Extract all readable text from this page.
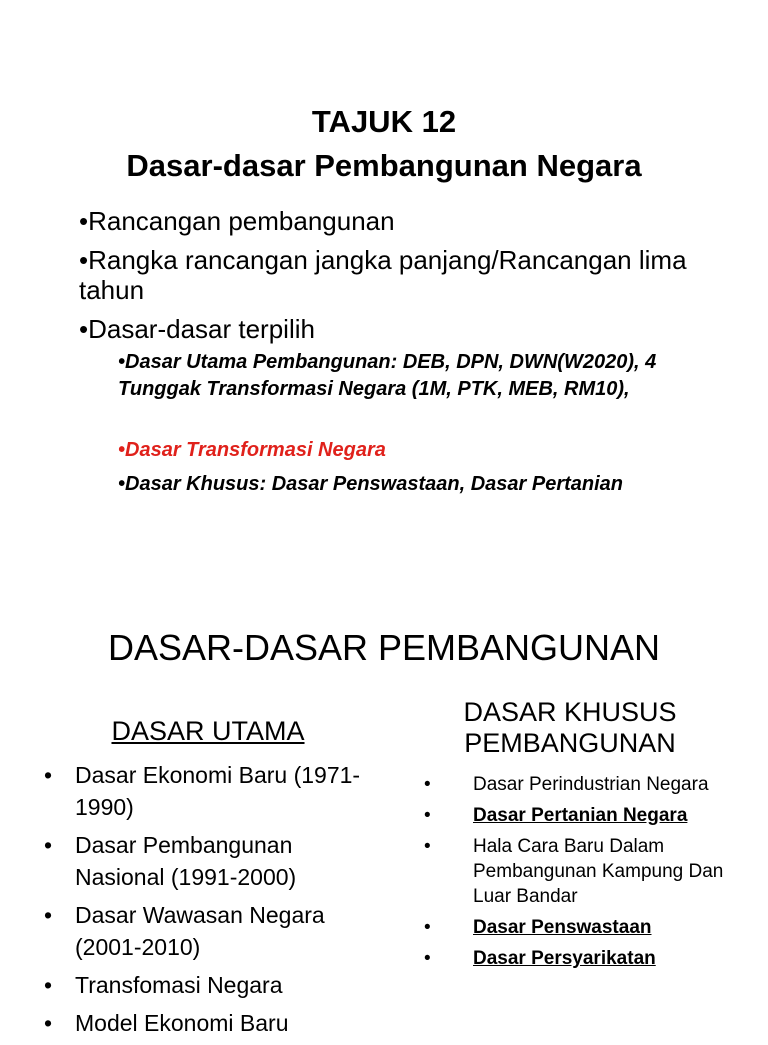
TAJUK 12
Dasar-dasar Pembangunan Negara
•Rancangan pembangunan
•Rangka rancangan jangka panjang/Rancangan lima tahun
•Dasar-dasar terpilih
•Dasar Utama Pembangunan: DEB, DPN, DWN(W2020), 4 Tunggak Transformasi Negara (1M, PTK, MEB, RM10),
•Dasar Transformasi Negara
•Dasar Khusus: Dasar Penswastaan, Dasar Pertanian
DASAR-DASAR PEMBANGUNAN
DASAR UTAMA
DASAR KHUSUS
PEMBANGUNAN
• Dasar Ekonomi Baru (1971-1990)
• Dasar Pembangunan Nasional (1991-2000)
• Dasar Wawasan Negara (2001-2010)
• Transfomasi Negara
• Model Ekonomi Baru
• Dasar Perindustrian Negara
• Dasar Pertanian Negara
• Hala Cara Baru Dalam Pembangunan Kampung Dan Luar Bandar
• Dasar Penswastaan
• Dasar Persyarikatan
